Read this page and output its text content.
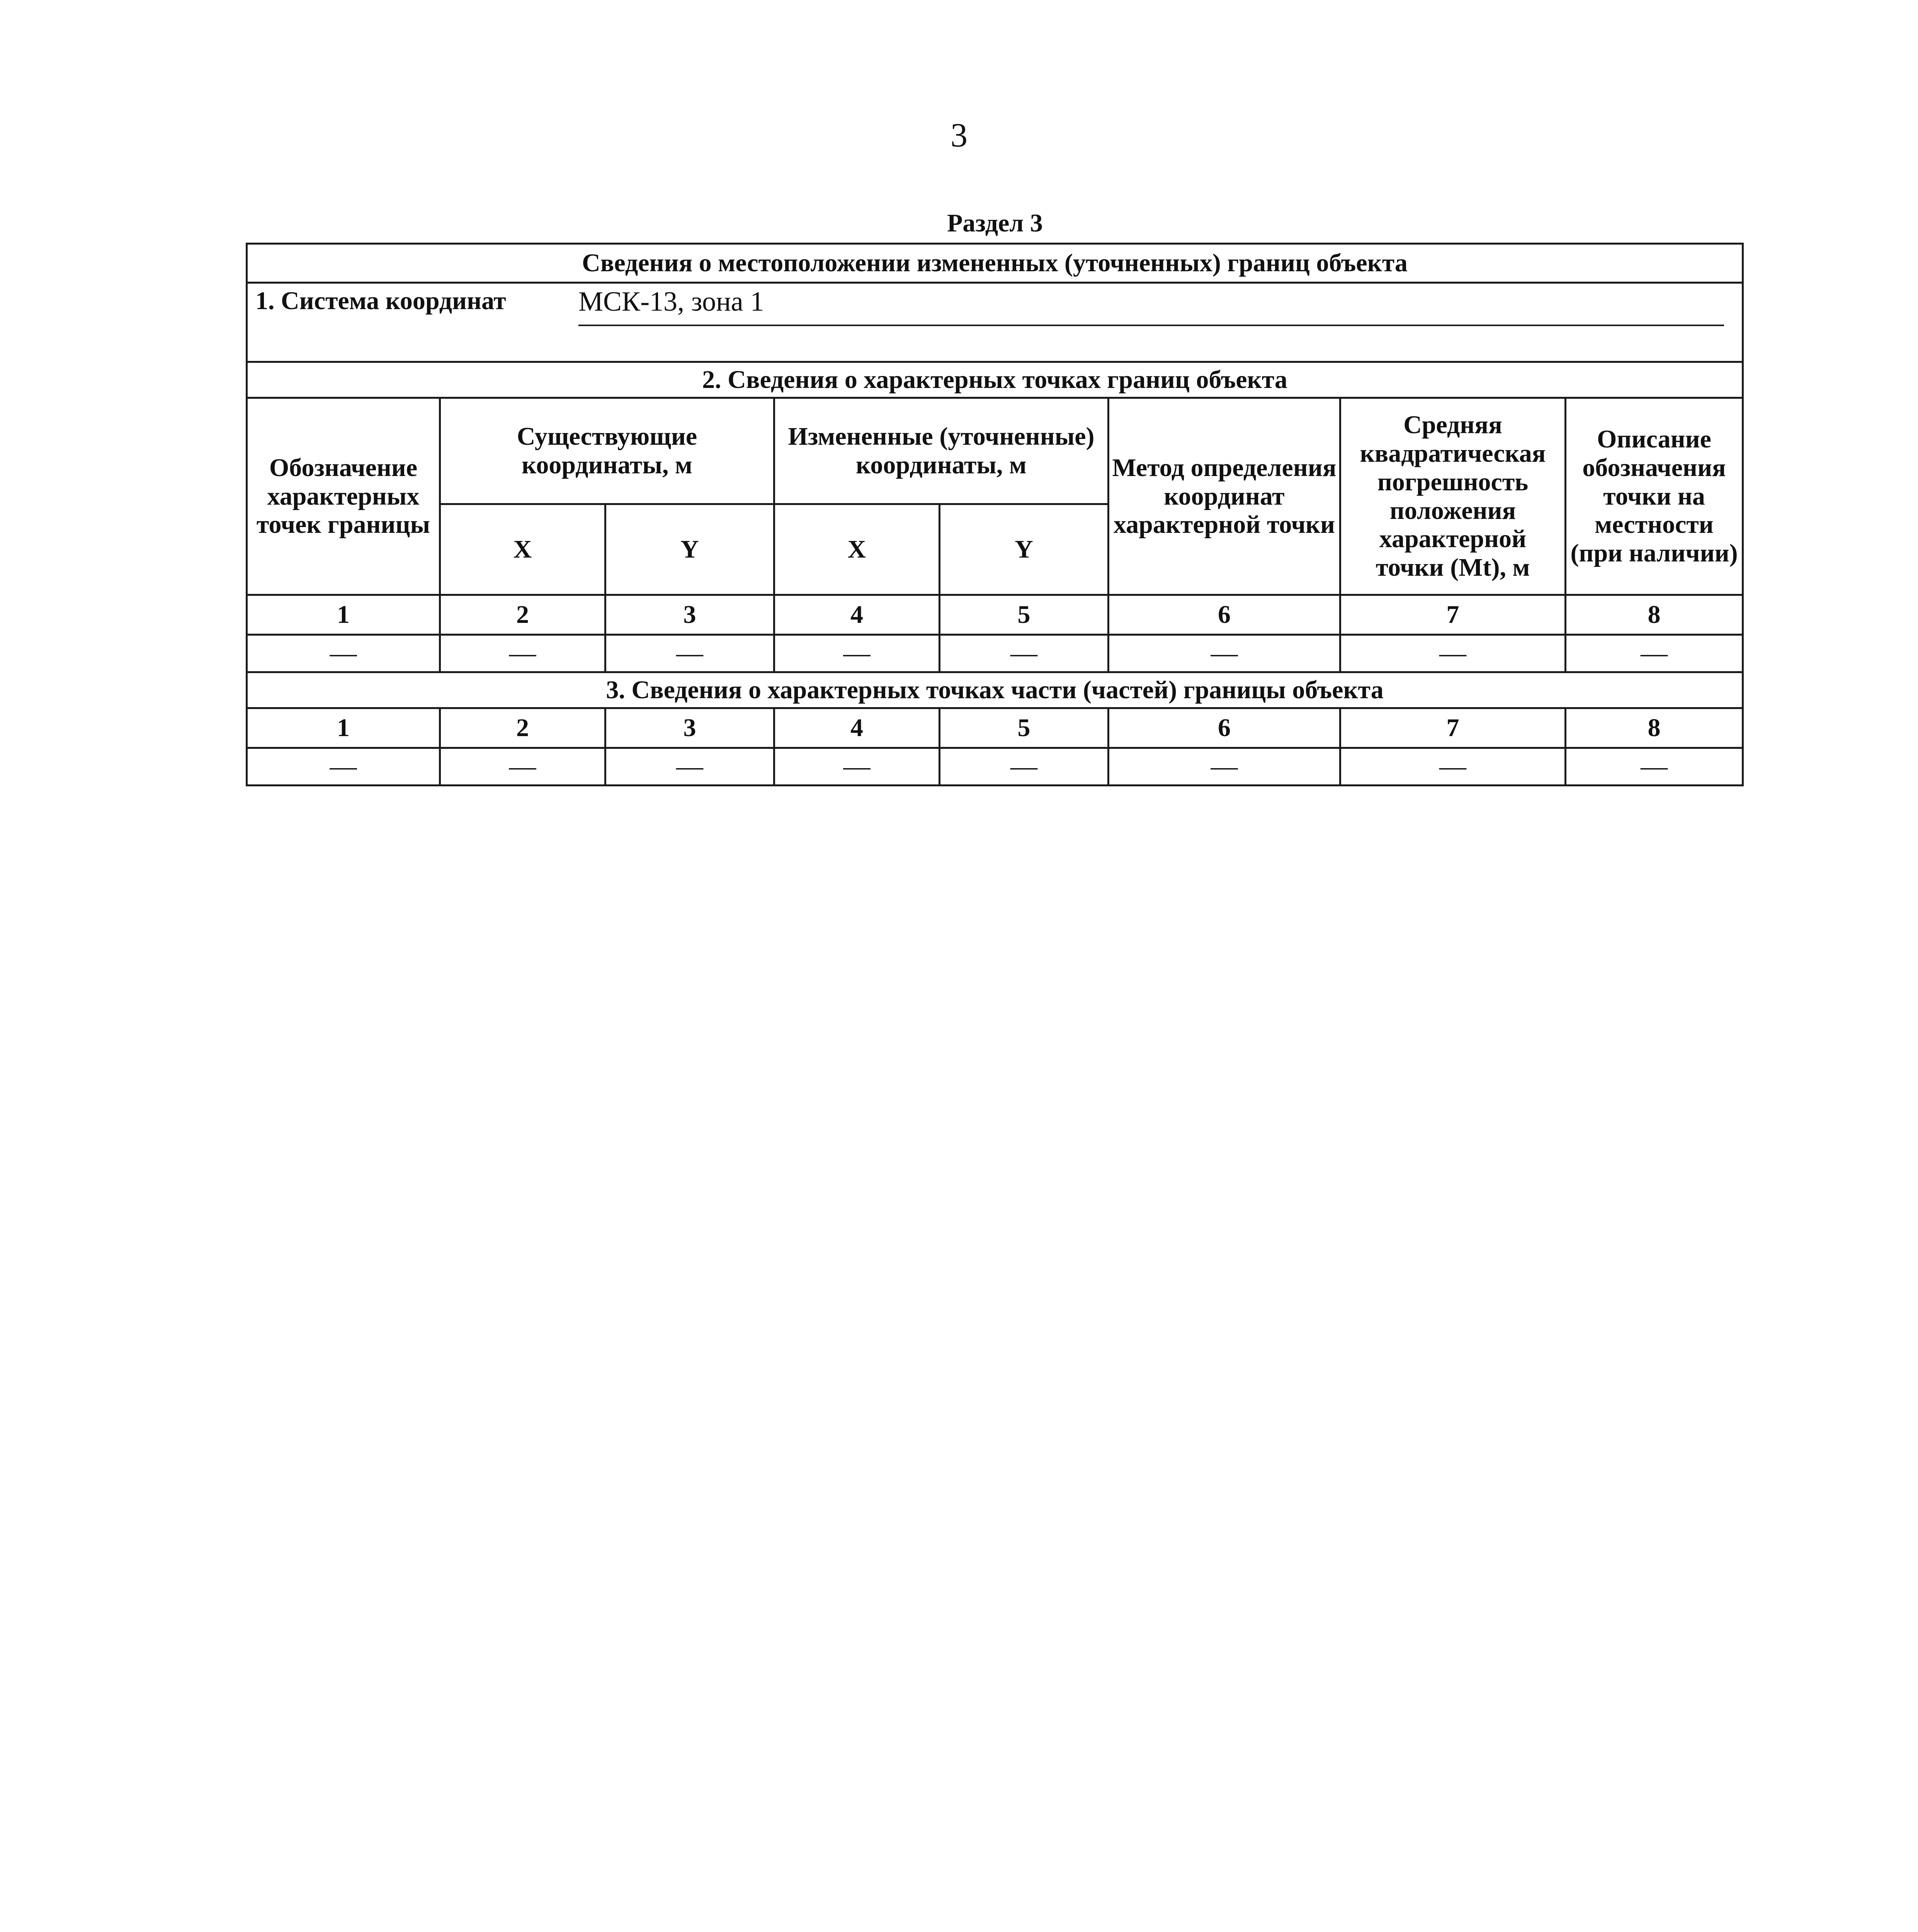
3
Раздел 3
Сведения о местоположении измененных (уточненных) границ объекта							

1. Система координат МСК-13, зона 1							

2. Сведения о характерных точках границ объекта							
Обозначение характерных точек границы	Существующие координаты, м		Измененные (уточненные) координаты, м		Метод определения координат характерной точки	Средняя квадратическая погрешность положения характерной точки (Mt), м	Описание обозначения точки на местности (при наличии)
	X	Y	X	Y			
1	2	3	4	5	6	7	8
—	—	—	—	—	—	—	—
3. Сведения о характерных точках части (частей) границы объекта							
1	2	3	4	5	6	7	8
—	—	—	—	—	—	—	—
